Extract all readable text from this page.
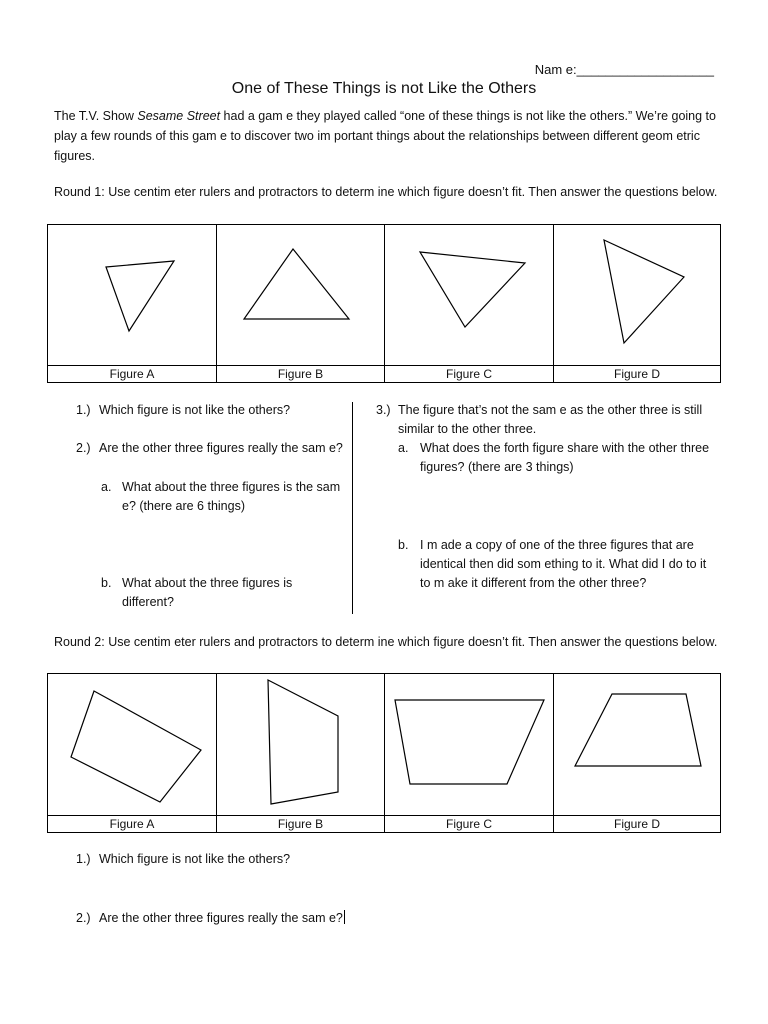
Nam e:___________________
One of These Things is not Like the Others
The T.V. Show Sesame Street had a gam e they played called “one of these things is not like the others.” We’re going to play a few rounds of this gam e to discover two im portant things about the relationships between different geom etric figures.
Round 1: Use centim eter rulers and protractors to determ ine which figure doesn’t fit. Then answer the questions below.
Figure A	Figure B	Figure C	Figure D
1.) Which figure is not like the others?
2.) Are the other three figures really the sam e?
a. What about the three figures is the sam e? (there are 6 things)
b. What about the three figures is different?
3.) The figure that’s not the sam e as the other three is still similar to the other three.
a. What does the forth figure share with the other three figures? (there are 3 things)
b. I m ade a copy of one of the three figures that are identical then did som ething to it. What did I do to it to m ake it different from the other three?
Round 2: Use centim eter rulers and protractors to determ ine which figure doesn’t fit. Then answer the questions below.
Figure A	Figure B	Figure C	Figure D
1.) Which figure is not like the others?
2.) Are the other three figures really the sam e?
